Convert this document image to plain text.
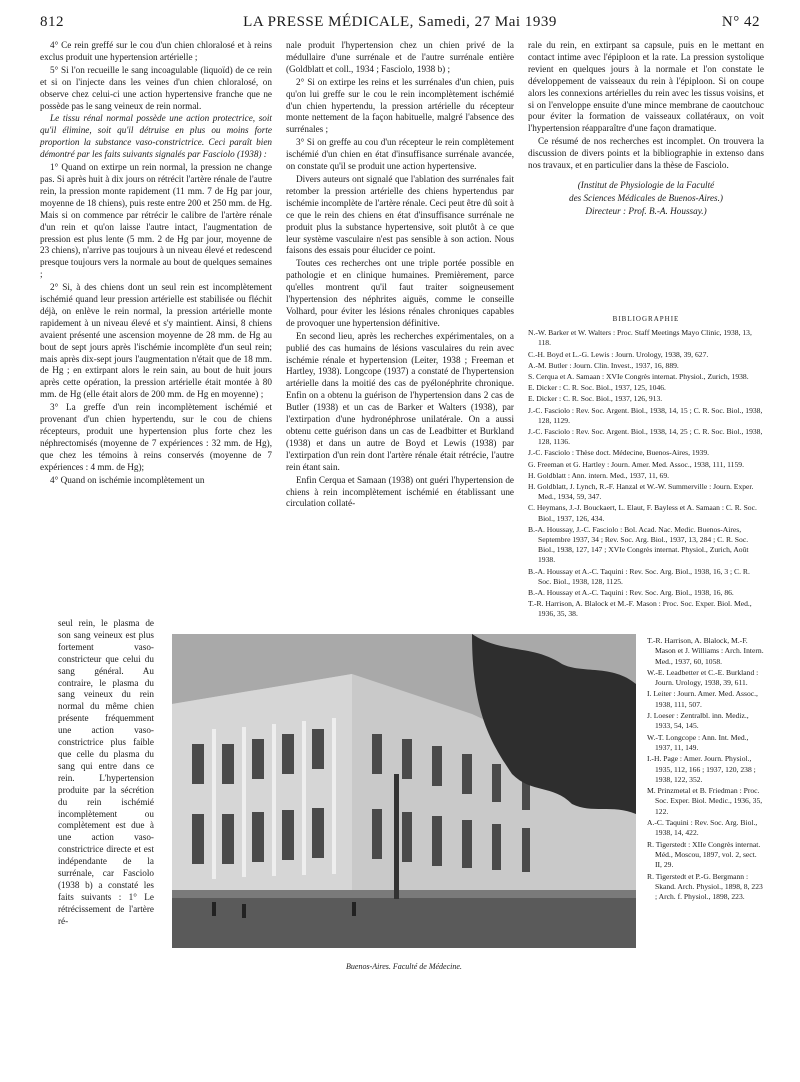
812	LA PRESSE MÉDICALE, Samedi, 27 Mai 1939	N° 42

4° Ce rein greffé sur le cou d'un chien chloralosé et à reins exclus produit une hypertension artérielle ;

5° Si l'on recueille le sang incoagulable (liquoïd) de ce rein et si on l'injecte dans les veines d'un chien chloralosé, on observe chez celui-ci une action hypertensive franche que ne possède pas le sang veineux de rein normal.

Le tissu rénal normal possède une action protectrice, soit qu'il élimine, soit qu'il détruise en plus ou moins forte proportion la substance vaso-constrictrice. Ceci paraît bien démontré par les faits suivants signalés par Fasciolo (1938) :

1° Quand on extirpe un rein normal, la pression ne change pas. Si après huit à dix jours on rétrécit l'artère rénale de l'autre rein, la pression monte rapidement (11 mm. 7 de Hg par jour, moyenne de 18 chiens), puis reste entre 200 et 250 mm. de Hg. Mais si on commence par rétrécir le calibre de l'artère rénale d'un rein et qu'on laisse l'autre intact, l'augmentation de pression est plus lente (5 mm. 2 de Hg par jour, moyenne de 23 chiens), n'arrive pas toujours à un niveau élevé et redescend presque toujours vers la normale au bout de quelques semaines ;

2° Si, à des chiens dont un seul rein est incomplètement ischémié quand leur pression artérielle est stabilisée ou fléchit déjà, on enlève le rein normal, la pression artérielle monte rapidement à un niveau élevé et s'y maintient. Ainsi, 8 chiens avaient présenté une ascension moyenne de 28 mm. de Hg au bout de sept jours après l'ischémie incomplète d'un seul rein; mais après dix-sept jours l'augmentation n'était que de 18 mm. de Hg ; en extirpant alors le rein sain, au bout de huit jours après cette opération, la pression artérielle était montée à 80 mm. de Hg (elle était alors de 200 mm. de Hg en moyenne) ;

3° La greffe d'un rein incomplètement ischémié et provenant d'un chien hypertendu, sur le cou de chiens récepteurs, produit une hypertension plus forte chez les néphrectomisés (moyenne de 7 expériences : 32 mm. de Hg), que chez les témoins à reins conservés (moyenne de 7 expériences : 4 mm. de Hg);

4° Quand on ischémie incomplètement un

seul rein, le plasma de son sang veineux est plus fortement vaso-constricteur que celui du sang général. Au contraire, le plasma du sang veineux du rein normal du même chien présente fréquemment une action vaso-constrictrice plus faible que celle du plasma du sang qui entre dans ce rein. L'hypertension produite par la sécrétion du rein ischémié incomplètement ou complètement est due à une action vaso-constrictrice directe et est indépendante de la surrénale, car Fasciolo (1938 b) a constaté les faits suivants : 1° Le rétrécissement de l'artère ré-

nale produit l'hypertension chez un chien privé de la médullaire d'une surrénale et de l'autre surrénale entière (Goldblatt et coll., 1934 ; Fasciolo, 1938 b) ;

2° Si on extirpe les reins et les surrénales d'un chien, puis qu'on lui greffe sur le cou le rein incomplètement ischémié d'un chien hypertendu, la pression artérielle du récepteur monte nettement de la façon habituelle, malgré l'absence des surrénales ;

3° Si on greffe au cou d'un récepteur le rein complètement ischémié d'un chien en état d'insuffisance surrénale avancée, on constate qu'il se produit une action hypertensive.

Divers auteurs ont signalé que l'ablation des surrénales fait retomber la pression artérielle des chiens hypertendus par ischémie incomplète de l'artère rénale. Ceci peut être dû soit à ce que le rein des chiens en état d'insuffisance surrénale ne produit plus la substance hypertensive, soit plutôt à ce que leur système vasculaire n'est pas sensible à son action. Nous faisons des essais pour élucider ce point.

Toutes ces recherches ont une triple portée possible en pathologie et en clinique humaines. Premièrement, parce qu'elles montrent qu'il faut traiter soigneusement l'hypertension des néphrites aiguës, comme le conseille Volhard, pour éviter les lésions rénales chroniques capables de provoquer une hypertension définitive.

En second lieu, après les recherches expérimentales, on a publié des cas humains de lésions vasculaires du rein avec ischémie rénale et hypertension (Leiter, 1938 ; Freeman et Hartley, 1938). Longcope (1937) a constaté de l'hypertension artérielle dans la moitié des cas de pyélonéphrite chronique. Enfin on a obtenu la guérison de l'hypertension dans 2 cas de Butler (1938) et un cas de Barker et Walters (1938), par l'extirpation d'une hydronéphrose unilatérale. On a aussi obtenu cette guérison dans un cas de Leadbitter et Burkland (1938) et dans un autre de Boyd et Lewis (1938) par l'extirpation d'un rein dont l'artère rénale était rétrécie, l'autre rein étant sain.

Enfin Cerqua et Samaan (1938) ont guéri l'hypertension de chiens à rein incomplètement ischémié en établissant une circulation collaté-

rale du rein, en extirpant sa capsule, puis en le mettant en contact intime avec l'épiploon et la rate. La pression systolique revient en quelques jours à la normale et l'on constate le développement de vaisseaux du rein à l'épiploon. Si on coupe alors les connexions artérielles du rein avec les tissus voisins, et si on l'enveloppe ensuite d'une mince membrane de caoutchouc pour éviter la formation de vaisseaux collatéraux, on voit l'hypertension réapparaître d'une façon dramatique.

Ce résumé de nos recherches est incomplet. On trouvera la discussion de divers points et la bibliographie in extenso dans nos travaux, et en particulier dans la thèse de Fasciolo.

(Institut de Physiologie de la Faculté

des Sciences Médicales de Buenos-Aires.)

Directeur : Prof. B.-A. Houssay.)

BIBLIOGRAPHIE

N.-W. Barker et W. Walters : Proc. Staff Meetings Mayo Clinic, 1938, 13, 118.

C.-H. Boyd et L.-G. Lewis : Journ. Urology, 1938, 39, 627.

A.-M. Butler : Journ. Clin. Invest., 1937, 16, 889.

S. Cerqua et A. Samaan : XVIe Congrès internat. Physiol., Zurich, 1938.

E. Dicker : C. R. Soc. Biol., 1937, 125, 1046.

E. Dicker : C. R. Soc. Biol., 1937, 126, 913.

J.-C. Fasciolo : Rev. Soc. Argent. Biol., 1938, 14, 15 ; C. R. Soc. Biol., 1938, 128, 1129.

J.-C. Fasciolo : Rev. Soc. Argent. Biol., 1938, 14, 25 ; C. R. Soc. Biol., 1938, 128, 1136.

J.-C. Fasciolo : Thèse doct. Médecine, Buenos-Aires, 1939.

G. Freeman et G. Hartley : Journ. Amer. Med. Assoc., 1938, 111, 1159.

H. Goldblatt : Ann. intern. Med., 1937, 11, 69.

H. Goldblatt, J. Lynch, R.-F. Hanzal et W.-W. Summerville : Journ. Exper. Med., 1934, 59, 347.

C. Heymans, J.-J. Bouckaert, L. Elaut, F. Bayless et A. Samaan : C. R. Soc. Biol., 1937, 126, 434.

B.-A. Houssay, J.-C. Fasciolo : Bol. Acad. Nac. Medic. Buenos-Aires, Septembre 1937, 34 ; Rev. Soc. Arg. Biol., 1937, 13, 284 ; C. R. Soc. Biol., 1938, 127, 147 ; XVIe Congrès internat. Physiol., Zurich, Août 1938.

B.-A. Houssay et A.-C. Taquini : Rev. Soc. Arg. Biol., 1938, 16, 3 ; C. R. Soc. Biol., 1938, 128, 1125.

B.-A. Houssay et A.-C. Taquini : Rev. Soc. Arg. Biol., 1938, 16, 86.

T.-R. Harrison, A. Blalock et M.-F. Mason : Proc. Soc. Exper. Biol. Med., 1936, 35, 38.

Buenos-Aires. Faculté de Médecine.

T.-R. Harrison, A. Blalock, M.-F. Mason et J. Williams : Arch. Intern. Med., 1937, 60, 1058.

W.-E. Leadbetter et C.-E. Burkland : Journ. Urology, 1938, 39, 611.

I. Leiter : Journ. Amer. Med. Assoc., 1938, 111, 507.

J. Loeser : Zentralbl. inn. Mediz., 1933, 54, 145.

W.-T. Longcope : Ann. Int. Med., 1937, 11, 149.

I.-H. Page : Amer. Journ. Physiol., 1935, 112, 166 ; 1937, 120, 238 ; 1938, 122, 352.

M. Prinzmetal et B. Friedman : Proc. Soc. Exper. Biol. Medic., 1936, 35, 122.

A.-C. Taquini : Rev. Soc. Arg. Biol., 1938, 14, 422.

R. Tigerstedt : XIIe Congrès internat. Méd., Moscou, 1897, vol. 2, sect. II, 29.

R. Tigerstedt et P.-G. Bergmann : Skand. Arch. Physiol., 1898, 8, 223 ; Arch. f. Physiol., 1898, 223.
